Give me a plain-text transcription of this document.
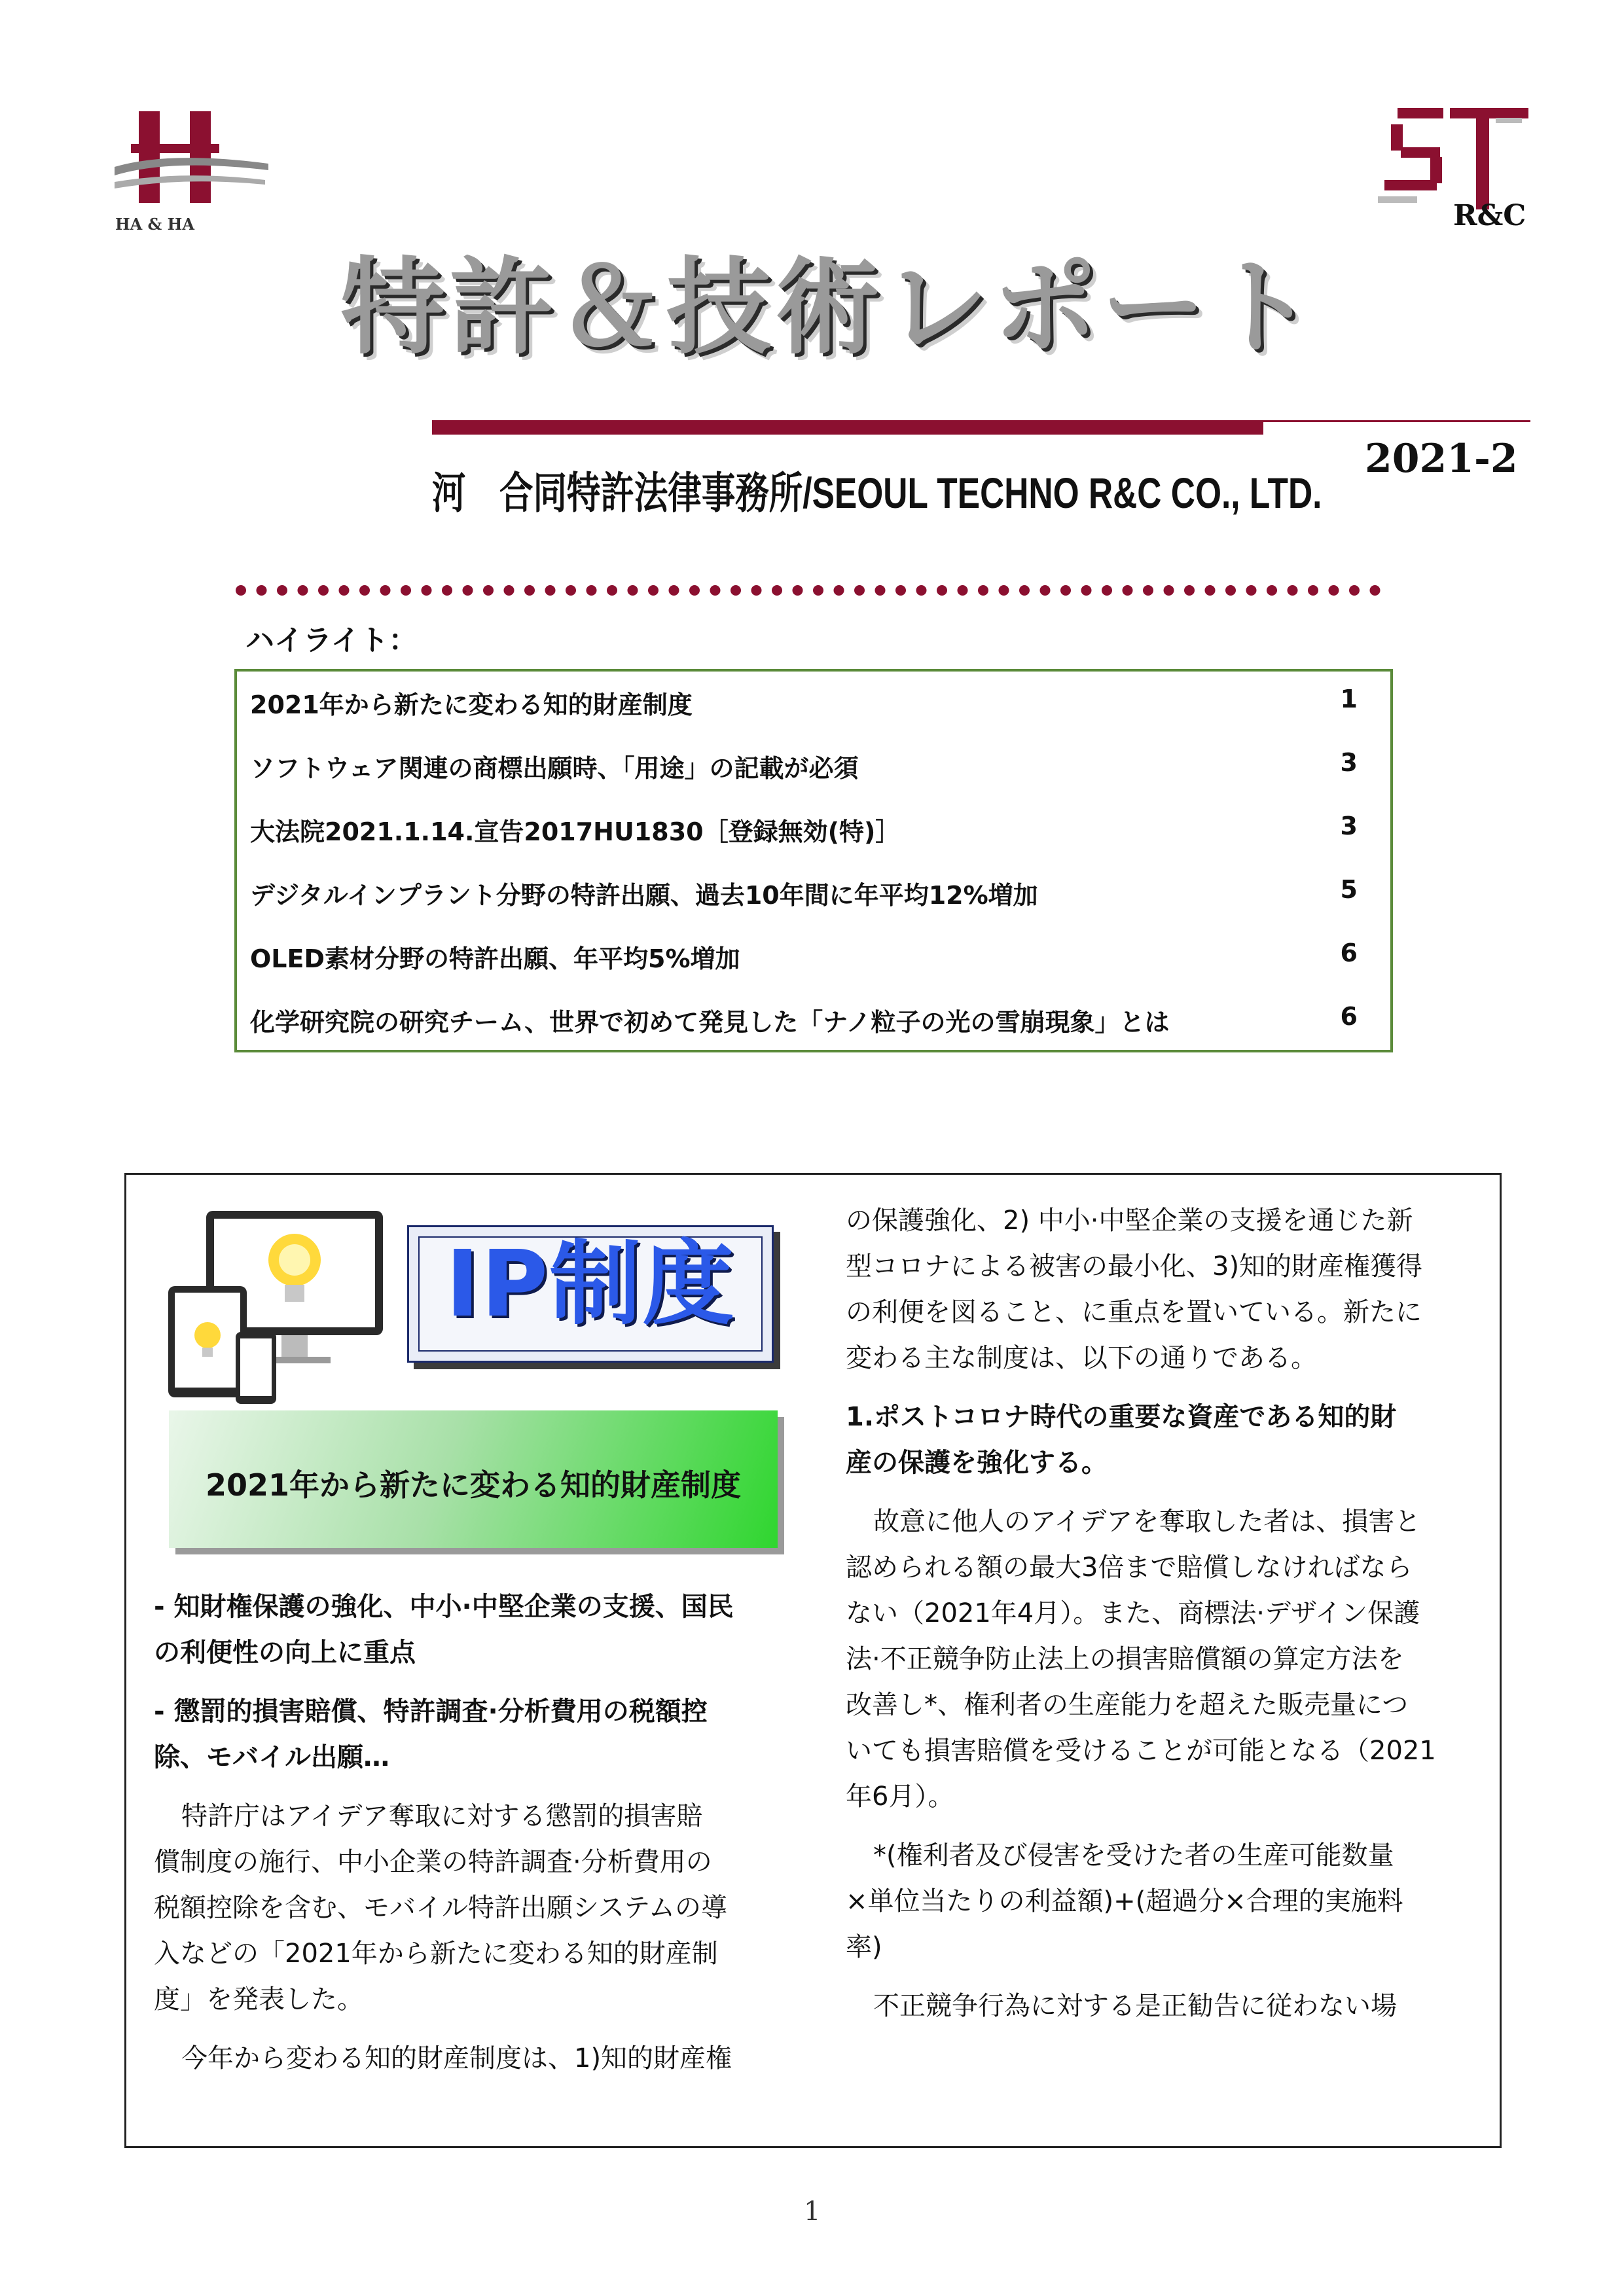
HA & HA	R&C
特許＆技術レポート
河　合同特許法律事務所/SEOUL TECHNO R&C CO., LTD.
2021-2
ハイライト：
2021年から新たに変わる知的財産制度	1
ソフトウェア関連の商標出願時、「用途」の記載が必須	3
大法院2021.1.14.宣告2017HU1830［登録無効(特)］	3
デジタルインプラント分野の特許出願、過去10年間に年平均12%増加	5
OLED素材分野の特許出願、年平均5%増加	6
化学研究院の研究チーム、世界で初めて発見した「ナノ粒子の光の雪崩現象」とは	6
IP制度
2021年から新たに変わる知的財産制度

- 知財権保護の強化、中小·中堅企業の支援、国民

の利便性の向上に重点

- 懲罰的損害賠償、特許調査·分析費用の税額控

除、モバイル出願…

特許庁はアイデア奪取に対する懲罰的損害賠

償制度の施行、中小企業の特許調査·分析費用の

税額控除を含む、モバイル特許出願システムの導

入などの「2021年から新たに変わる知的財産制

度」を発表した。

今年から変わる知的財産制度は、1)知的財産権

の保護強化、2) 中小·中堅企業の支援を通じた新

型コロナによる被害の最小化、3)知的財産権獲得

の利便を図ること、に重点を置いている。新たに

変わる主な制度は、以下の通りである。

1.ポストコロナ時代の重要な資産である知的財

産の保護を強化する。

故意に他人のアイデアを奪取した者は、損害と

認められる額の最大3倍まで賠償しなければなら

ない（2021年4月）。また、商標法·デザイン保護

法·不正競争防止法上の損害賠償額の算定方法を

改善し*、権利者の生産能力を超えた販売量につ

いても損害賠償を受けることが可能となる（2021

年6月）。

*(権利者及び侵害を受けた者の生産可能数量

×単位当たりの利益額)+(超過分×合理的実施料

率)

不正競争行為に対する是正勧告に従わない場

1
